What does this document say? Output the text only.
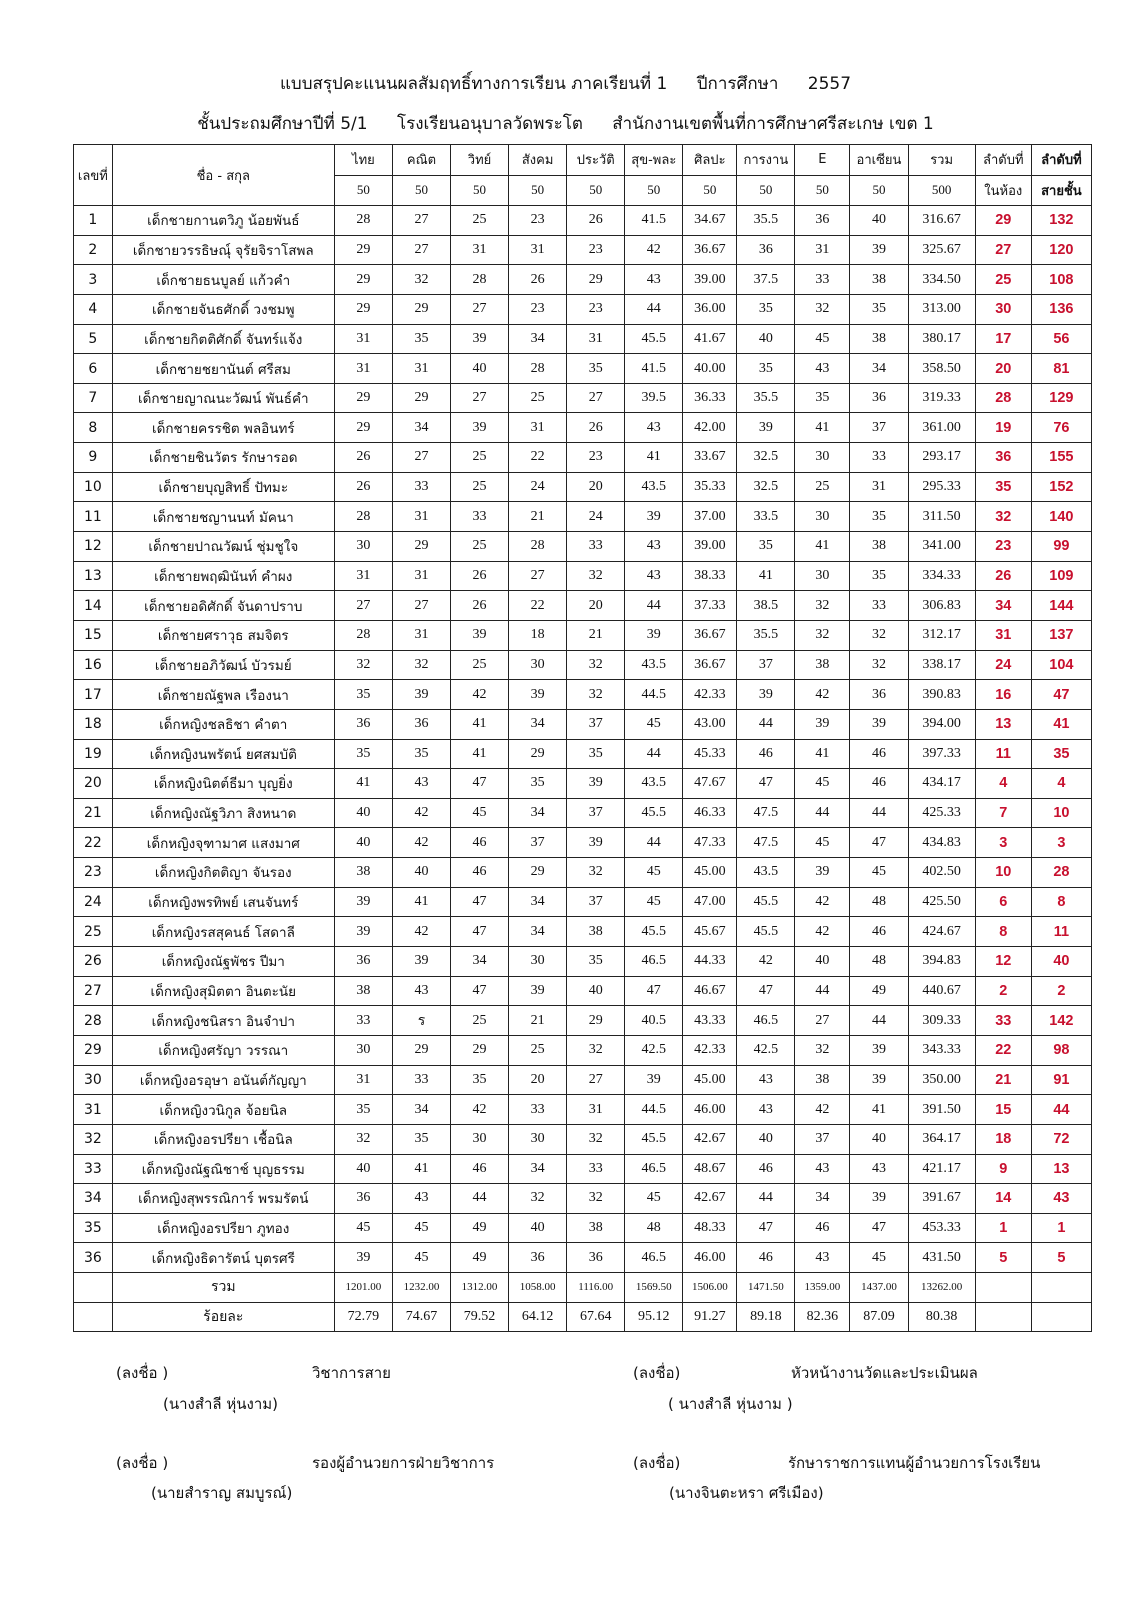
แบบสรุปคะแนนผลสัมฤทธิ์ทางการเรียน ภาคเรียนที่ 1 ปีการศึกษา 2557
ชั้นประถมศึกษาปีที่ 5/1 โรงเรียนอนุบาลวัดพระโต สำนักงานเขตพื้นที่การศึกษาศรีสะเกษ เขต 1
เลขที่	ชื่อ - สกุล	ไทย	คณิต	วิทย์	สังคม	ประวัติ	สุข-พละ	ศิลปะ	การงาน	E	อาเซียน	รวม	ลำดับที่	ลำดับที่
		50	50	50	50	50	50	50	50	50	50	500	ในห้อง	สายชั้น
1	เด็กชายกานตวิภู น้อยพันธ์	28	27	25	23	26	41.5	34.67	35.5	36	40	316.67	29	132
2	เด็กชายวรรธิษณุ์ จุรัยจิราโสพล	29	27	31	31	23	42	36.67	36	31	39	325.67	27	120
3	เด็กชายธนบูลย์ แก้วคำ	29	32	28	26	29	43	39.00	37.5	33	38	334.50	25	108
4	เด็กชายจันธศักดิ์ วงชมพู	29	29	27	23	23	44	36.00	35	32	35	313.00	30	136
5	เด็กชายกิตติศักดิ์ จันทร์แจ้ง	31	35	39	34	31	45.5	41.67	40	45	38	380.17	17	56
6	เด็กชายชยานันต์ ศรีสม	31	31	40	28	35	41.5	40.00	35	43	34	358.50	20	81
7	เด็กชายญาณนะวัฒน์ พันธ์คำ	29	29	27	25	27	39.5	36.33	35.5	35	36	319.33	28	129
8	เด็กชายครรชิต พลอินทร์	29	34	39	31	26	43	42.00	39	41	37	361.00	19	76
9	เด็กชายชินวัตร รักษารอด	26	27	25	22	23	41	33.67	32.5	30	33	293.17	36	155
10	เด็กชายบุญสิทธิ์ ปัทมะ	26	33	25	24	20	43.5	35.33	32.5	25	31	295.33	35	152
11	เด็กชายชญานนท์ มัคนา	28	31	33	21	24	39	37.00	33.5	30	35	311.50	32	140
12	เด็กชายปาณวัฒน์ ชุ่มชูใจ	30	29	25	28	33	43	39.00	35	41	38	341.00	23	99
13	เด็กชายพฤฒินันท์ คำผง	31	31	26	27	32	43	38.33	41	30	35	334.33	26	109
14	เด็กชายอดิศักดิ์ จันดาปราบ	27	27	26	22	20	44	37.33	38.5	32	33	306.83	34	144
15	เด็กชายศราวุธ สมจิตร	28	31	39	18	21	39	36.67	35.5	32	32	312.17	31	137
16	เด็กชายอภิวัฒน์ บัวรมย์	32	32	25	30	32	43.5	36.67	37	38	32	338.17	24	104
17	เด็กชายณัฐพล เรืองนา	35	39	42	39	32	44.5	42.33	39	42	36	390.83	16	47
18	เด็กหญิงชลธิชา คำตา	36	36	41	34	37	45	43.00	44	39	39	394.00	13	41
19	เด็กหญิงนพรัตน์ ยศสมบัติ	35	35	41	29	35	44	45.33	46	41	46	397.33	11	35
20	เด็กหญิงนิตต์ธีมา บุญยิ่ง	41	43	47	35	39	43.5	47.67	47	45	46	434.17	4	4
21	เด็กหญิงณัฐวิภา สิงหนาด	40	42	45	34	37	45.5	46.33	47.5	44	44	425.33	7	10
22	เด็กหญิงจุฑามาศ แสงมาศ	40	42	46	37	39	44	47.33	47.5	45	47	434.83	3	3
23	เด็กหญิงกิตติญา จันรอง	38	40	46	29	32	45	45.00	43.5	39	45	402.50	10	28
24	เด็กหญิงพรทิพย์ เสนจันทร์	39	41	47	34	37	45	47.00	45.5	42	48	425.50	6	8
25	เด็กหญิงรสสุคนธ์ โสดาลี	39	42	47	34	38	45.5	45.67	45.5	42	46	424.67	8	11
26	เด็กหญิงณัฐพัชร ปีมา	36	39	34	30	35	46.5	44.33	42	40	48	394.83	12	40
27	เด็กหญิงสุมิตตา อินตะนัย	38	43	47	39	40	47	46.67	47	44	49	440.67	2	2
28	เด็กหญิงชนิสรา อินจำปา	33	ร	25	21	29	40.5	43.33	46.5	27	44	309.33	33	142
29	เด็กหญิงศรัญา วรรณา	30	29	29	25	32	42.5	42.33	42.5	32	39	343.33	22	98
30	เด็กหญิงอรอุษา อนันต์กัญญา	31	33	35	20	27	39	45.00	43	38	39	350.00	21	91
31	เด็กหญิงวนิกูล จ้อยนิล	35	34	42	33	31	44.5	46.00	43	42	41	391.50	15	44
32	เด็กหญิงอรปรียา เชื้อนิล	32	35	30	30	32	45.5	42.67	40	37	40	364.17	18	72
33	เด็กหญิงณัฐณิชาช์ บุญธรรม	40	41	46	34	33	46.5	48.67	46	43	43	421.17	9	13
34	เด็กหญิงสุพรรณิการ์ พรมรัตน์	36	43	44	32	32	45	42.67	44	34	39	391.67	14	43
35	เด็กหญิงอรปรียา ภูทอง	45	45	49	40	38	48	48.33	47	46	47	453.33	1	1
36	เด็กหญิงธิดารัตน์ บุตรศรี	39	45	49	36	36	46.5	46.00	46	43	45	431.50	5	5
	รวม	1201.00	1232.00	1312.00	1058.00	1116.00	1569.50	1506.00	1471.50	1359.00	1437.00	13262.00		
	ร้อยละ	72.79	74.67	79.52	64.12	67.64	95.12	91.27	89.18	82.36	87.09	80.38		
(ลงชื่อ )	วิชาการสาย
(นางสำลี หุ่นงาม)
(ลงชื่อ)	หัวหน้างานวัดและประเมินผล
( นางสำลี หุ่นงาม )
(ลงชื่อ )	รองผู้อำนวยการฝ่ายวิชาการ
(นายสำราญ สมบูรณ์)
(ลงชื่อ)	รักษาราชการแทนผู้อำนวยการโรงเรียน
(นางจินตะหรา ศรีเมือง)
